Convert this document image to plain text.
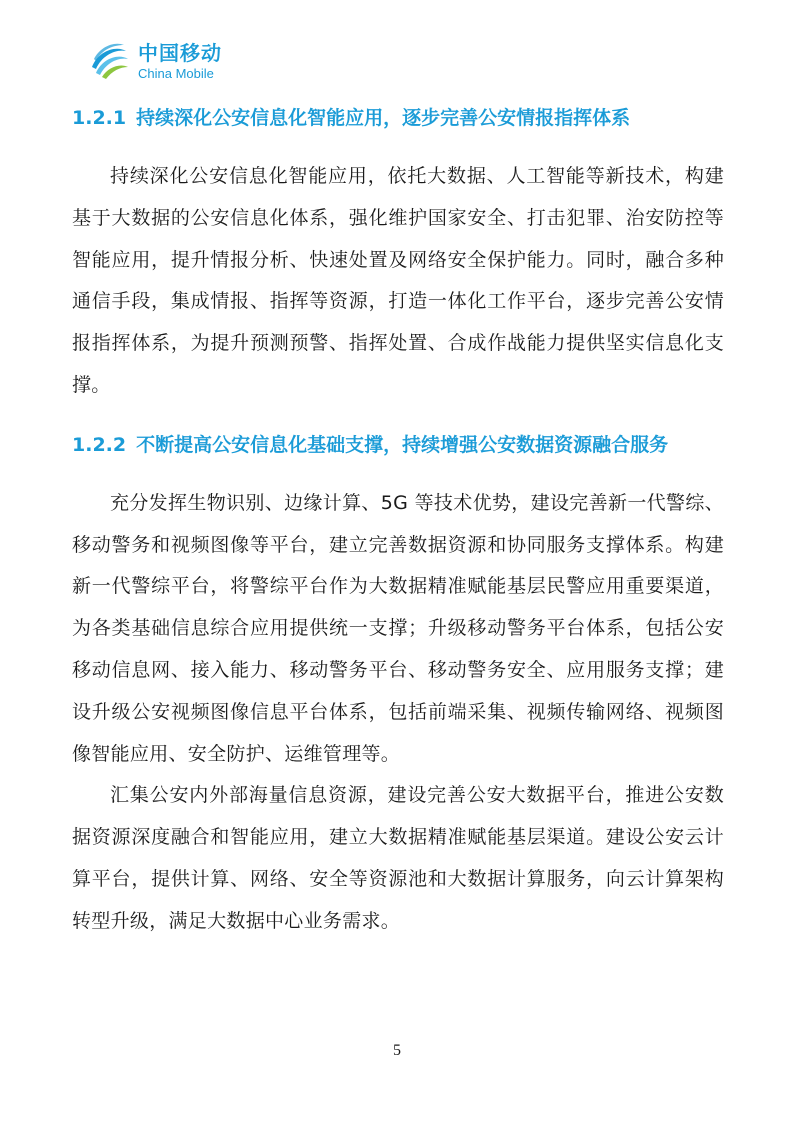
中国移动
China Mobile
1.2.1 持续深化公安信息化智能应用，逐步完善公安情报指挥体系

持续深化公安信息化智能应用，依托大数据、人工智能等新技术，构建基于大数据的公安信息化体系，强化维护国家安全、打击犯罪、治安防控等智能应用，提升情报分析、快速处置及网络安全保护能力。同时，融合多种通信手段，集成情报、指挥等资源，打造一体化工作平台，逐步完善公安情报指挥体系，为提升预测预警、指挥处置、合成作战能力提供坚实信息化支撑。

1.2.2 不断提高公安信息化基础支撑，持续增强公安数据资源融合服务

充分发挥生物识别、边缘计算、5G 等技术优势，建设完善新一代警综、移动警务和视频图像等平台，建立完善数据资源和协同服务支撑体系。构建新一代警综平台，将警综平台作为大数据精准赋能基层民警应用重要渠道，为各类基础信息综合应用提供统一支撑；升级移动警务平台体系，包括公安移动信息网、接入能力、移动警务平台、移动警务安全、应用服务支撑；建设升级公安视频图像信息平台体系，包括前端采集、视频传输网络、视频图像智能应用、安全防护、运维管理等。

汇集公安内外部海量信息资源，建设完善公安大数据平台，推进公安数据资源深度融合和智能应用，建立大数据精准赋能基层渠道。建设公安云计算平台，提供计算、网络、安全等资源池和大数据计算服务，向云计算架构转型升级，满足大数据中心业务需求。

5
